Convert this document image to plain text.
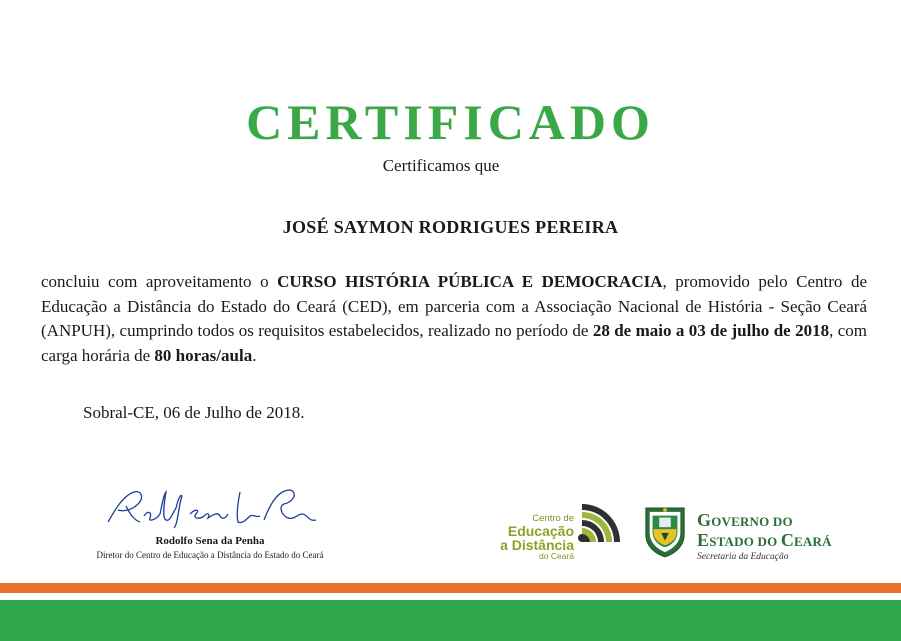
CERTIFICADO
Certificamos que
JOSÉ SAYMON RODRIGUES PEREIRA
concluiu com aproveitamento o CURSO HISTÓRIA PÚBLICA E DEMOCRACIA, promovido pelo Centro de Educação a Distância do Estado do Ceará (CED), em parceria com a Associação Nacional de História - Seção Ceará (ANPUH), cumprindo todos os requisitos estabelecidos, realizado no período de 28 de maio a 03 de julho de 2018, com carga horária de 80 horas/aula.
Sobral-CE, 06 de Julho de 2018.
Rodolfo Sena da Penha
Diretor do Centro de Educação a Distância do Estado do Ceará
Centro de
Educação
a Distância
do Ceará
GOVERNO DO
ESTADO DO CEARÁ
Secretaria da Educação
